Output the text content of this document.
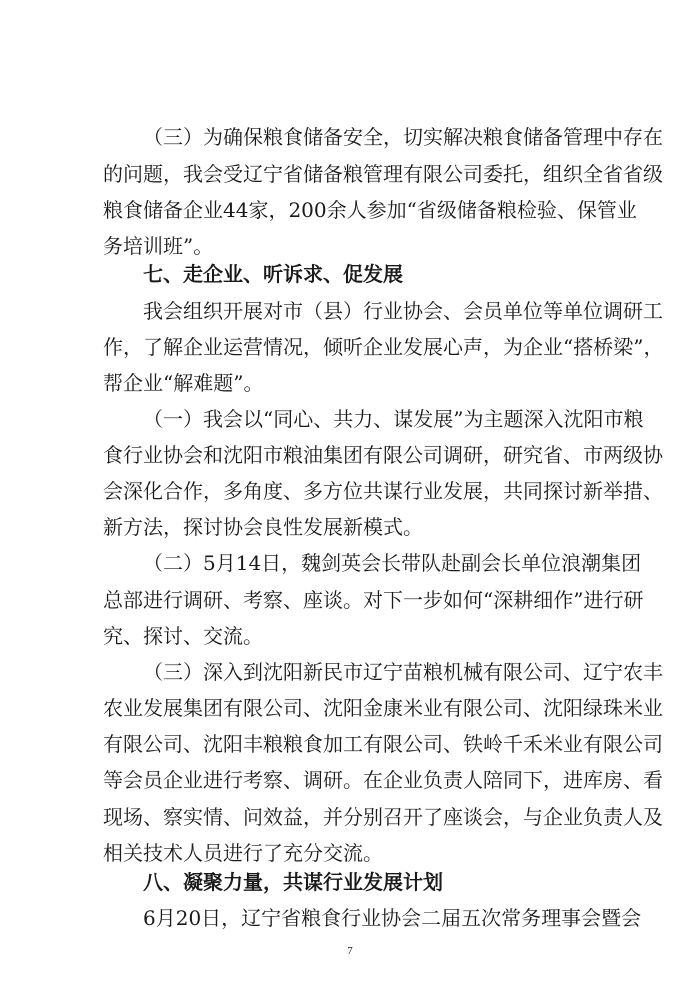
（三）为确保粮食储备安全，切实解决粮食储备管理中存在
的问题，我会受辽宁省储备粮管理有限公司委托，组织全省省级
粮食储备企业44家，200余人参加“省级储备粮检验、保管业
务培训班”。
七、走企业、听诉求、促发展
我会组织开展对市（县）行业协会、会员单位等单位调研工
作，了解企业运营情况，倾听企业发展心声，为企业“搭桥梁”，
帮企业“解难题”。
（一）我会以“同心、共力、谋发展”为主题深入沈阳市粮
食行业协会和沈阳市粮油集团有限公司调研，研究省、市两级协
会深化合作，多角度、多方位共谋行业发展，共同探讨新举措、
新方法，探讨协会良性发展新模式。
（二）5月14日，魏剑英会长带队赴副会长单位浪潮集团
总部进行调研、考察、座谈。对下一步如何“深耕细作”进行研
究、探讨、交流。
（三）深入到沈阳新民市辽宁苗粮机械有限公司、辽宁农丰
农业发展集团有限公司、沈阳金康米业有限公司、沈阳绿珠米业
有限公司、沈阳丰粮粮食加工有限公司、铁岭千禾米业有限公司
等会员企业进行考察、调研。在企业负责人陪同下，进库房、看
现场、察实情、问效益，并分别召开了座谈会，与企业负责人及
相关技术人员进行了充分交流。
八、凝聚力量，共谋行业发展计划
6月20日，辽宁省粮食行业协会二届五次常务理事会暨会
7
